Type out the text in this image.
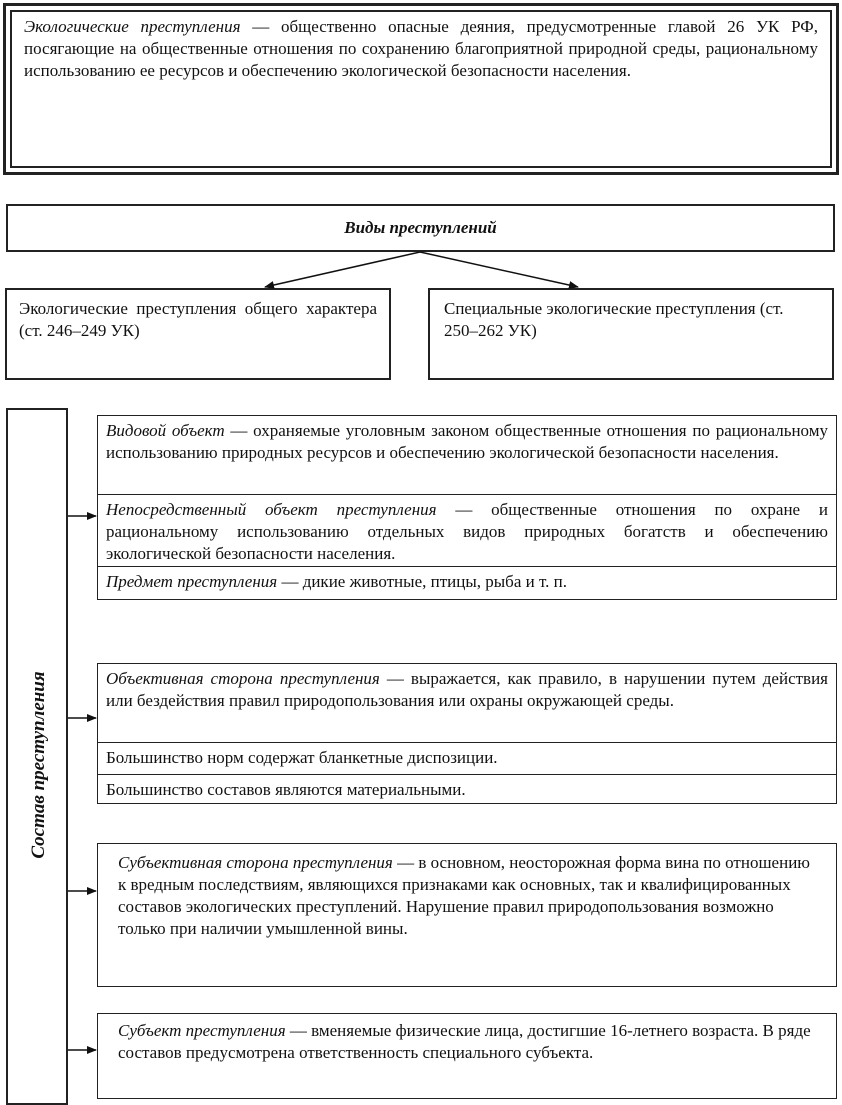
Экологические преступления — общественно опасные деяния, предусмотренные главой 26 УК РФ, посягающие на общественные отношения по сохранению благоприятной природной среды, рациональному использованию ее ресурсов и обеспечению экологической безопасности населения.
Виды преступлений
Экологические преступления общего характера (ст. 246–249 УК)
Специальные экологические преступления (ст. 250–262 УК)
Состав преступления
Видовой объект — охраняемые уголовным законом общественные отношения по рациональному использованию природных ресурсов и обеспечению экологической безопасности населения.
Непосредственный объект преступления — общественные отношения по охране и рациональному использованию отдельных видов природных богатств и обеспечению экологической безопасности населения.
Предмет преступления — дикие животные, птицы, рыба и т. п.
Объективная сторона преступления — выражается, как правило, в нарушении путем действия или бездействия правил природопользования или охраны окружающей среды.
Большинство норм содержат бланкетные диспозиции.
Большинство составов являются материальными.
Субъективная сторона преступления — в основном, неосторожная форма вина по отношению к вредным последствиям, являющихся признаками как основных, так и квалифицированных составов экологических преступлений. Нарушение правил природопользования возможно только при наличии умышленной вины.
Субъект преступления — вменяемые физические лица, достигшие 16-летнего возраста. В ряде составов предусмотрена ответственность специального субъекта.
